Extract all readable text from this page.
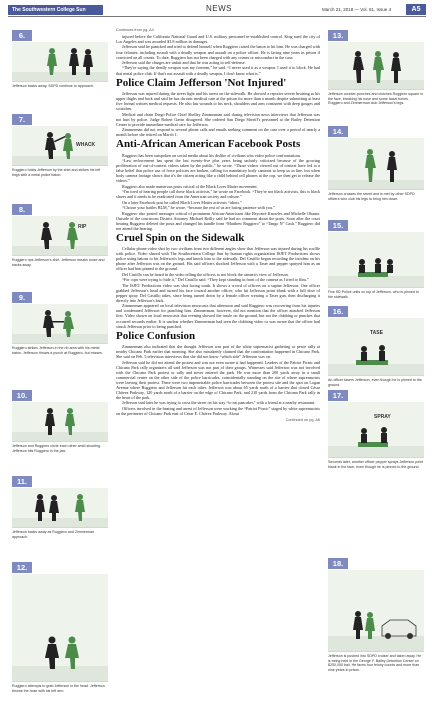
The Southwestern College Sun	NEWS	March 21, 2018 — Vol. 61, Issue 4	A5
6.
Jefferson backs away, SDPD continue to approach.
7.
WHACK
Ruggiero holds Jefferson by the shirt and strikes his left thigh with a metal police baton.
8.
RIP
Ruggiero rips Jefferson's shirt. Jefferson breaks loose and backs away.
9.
Ruggiero strikes Jefferson in the rib area with his metal baton. Jefferson throws a punch at Ruggiero, but misses.
10.
Jefferson and Ruggiero circle each other amid shouting. Jefferson hits Ruggiero in the jaw.
11.
Jefferson backs away as Ruggiero and Zimmerman approach.
12.
Ruggiero attempts to grab Jefferson in the head. Jefferson throws the hose with his left arm.
Continued from pg. A4

injured before the California National Guard and U.S. military personnel re-established control. King sued the city of Los Angeles and was awarded $3.8 million in damages.

Jefferson said he panicked and tried to defend himself when Ruggiero raised the baton to hit him. He was charged with four felonies, including assault with a deadly weapon and assault on a police officer. He is facing nine years in prison if convicted on all counts. To date, Ruggiero has not been charged with any crimes or misconduct in the case.

Jefferson said the charges are unfair and that he was acting in self-defense.

“They're saying the deadly weapon was my forearm,” he said. “I never used it as a weapon. I used it to block. He had that metal police club. If that's not assault with a deadly weapon, I don't know what is.”

Police Claim Jefferson 'Not Injured'

Jefferson was injured during the street fight and his arrest on the sidewalk. He showed a reporter severe bruising to his upper thighs and back and said he has chronic medical care at the prison for more than a month despite submitting at least five formal written medical requests. He also has wounds to his neck, shoulders and arm consistent with deep gouges and scratches.

Medical and chain Diego Police Chief Shelley Zimmerman said during television news interviews that Jefferson was not hurt by police. Judge Robert Gavin disagreed. She ordered San Diego Sheriff's personnel at the Bailey Detention Center to provide immediate medical care for Jefferson.

Zimmerman did not respond to several phone calls and emails seeking comment on the case over a period of nearly a month before she retired on March 1.

Anti-African American Facebook Posts

Ruggiero has been outspoken on social media about his dislike of civilians who video police confrontations.

“Law enforcement has spent the last twenty-five plus years being unfairly criticized because of the growing proliferation of out-of-context videos taken by the public,” he wrote. “Those videos viewed out of context have led to a false belief that police use of force policies are broken, calling for mandatory body cameras to keep us in line, but when body camera footage shows that it's the citizen acting like a child behind cell phones at the cop, we then get to release the videos.”

Ruggiero also made numerous posts critical of the Black Lives Matter movement.

“I'm tired of hearing people call these black activists,” he wrote on Facebook. “They're not black activists, this is black slaves and it needs to be eradicated from the American society and culture.”

On a later Facebook post he called Black Lives Matter activists “idiots.”

“Choose your battles BLM,” he wrote, “because the rest of us are losing patience with you.”

Ruggiero also posted messages critical of prominent African-Americans like Beyoncé Knowles and Michelle Obama. Outside of the courtroom District Attorney Michael Reilly said he had no comment about the posts. Soon after the court hearing Ruggiero deleted the posts and changed his handle from “Matthew Ruggiero” to “Tango N” Cash.” Ruggiero did not attend the hearing.

Cruel Spin on the Sidewalk

Cellular phone video shot by two civilians from two different angles show that Jefferson was injured during his scuffle with police. Video shared with The Southwestern College Sun by human rights organization ISJET Productions shows police using batons to hit Jefferson's legs and knock him to the sidewalk. Del Castillo began recording the incident on his phone after Jefferson was on the ground. His said officers shocked Jefferson with a Taser and pepper sprayed him as an officer had him pinned to the ground.

Del Castillo can be heard in the video telling the officers to not block the camera's view of Jefferson.

“For cops were trying to hide it,” Del Castillo said. “They kept standing in front of the camera as I tried to film.”

The ISJET Productions video was shot facing south. It shows a crowd of officers on a supine Jefferson. One officer grabbed Jefferson's head and turned his face toward another officer, who hit Jefferson point blank with a full dose of pepper spray. Del Castillo takes, since being turned down by a female officer wearing a Taser gun, then discharging it directly into Jefferson's back.

Zimmerman appeared on local television newscasts that afternoon and said Ruggiero was recovering from his injuries and condemned Jefferson for punching him. Zimmerman, however, did not mention that the officer attacked Jefferson first. Video shown on local newscasts that evening showed the tussle on the ground, but not the clubbing or punches that occurred seconds earlier. It is unclear whether Zimmerman had seen the clubbing video or was aware that the officer had struck Jefferson prior to being punched.

Police Confusion

Zimmerman also indicated that she thought Jefferson was part of the white supremacist gathering or peace rally at nearby Chicano Park earlier that morning. She also mistakenly claimed that the confrontation happened in Chicano Park. She said on Feb. 5 television interviews that she did not know “which side” Jefferson was on.

Jefferson said he did not attend the protest and was not even aware it had happened. Leaders of the Patriot Picnic and Chicano Park rally organizers all said Jefferson was not part of their groups. Witnesses said Jefferson was not involved with the Chicano Park protest or rally and never entered the park. He was more than 200 yards away in a small commercial center on the other side of the police barricades, coincidentally standing on the site of where supremacists were leaving their protest. There were two impenetrable police barricades between the protest site and the spot on Logan Avenue where Ruggiero and Jefferson hit each other. Jefferson was about 65 yards north of a barrier that closed César Chávez Parkway, 120 yards north of a barrier on the edge of Chicano Park, and 210 yards from the Chicano Park rally in the heart of the park.

Jefferson said later he was trying to cross the street on his way “to eat pancakes” with a friend at a nearby restaurant.

Officers involved in the beating and arrest of Jefferson were working the “Patriot Picnic” staged by white supremacists on the perimeter of Chicano Park east of César E. Chávez Parkway. About

Continued on pg. A6
13.
Jefferson counter-punches and clutches Ruggiero square in the face, breaking his nose and some facial bones. Ruggiero and Zimmerman club Jefferson's legs.
14.
Jefferson crosses the street and is met by other SDPD officers who club his legs to bring him down.
15.
Five SD Police units on top of Jefferson, who is pinned to the sidewalk.
16.
TASE
An officer tasers Jefferson, even though he is pinned to the ground.
17.
SPRAY
Seconds later, another officer pepper sprays Jefferson point blank in the face, even though he is pinned to the ground.
18.
Jefferson is pushed into SDPD cruiser and taken away. He is being held in the George F. Bailey Detention Center on $250,000 bail. He faces four felony counts and more than nine years in prison.
